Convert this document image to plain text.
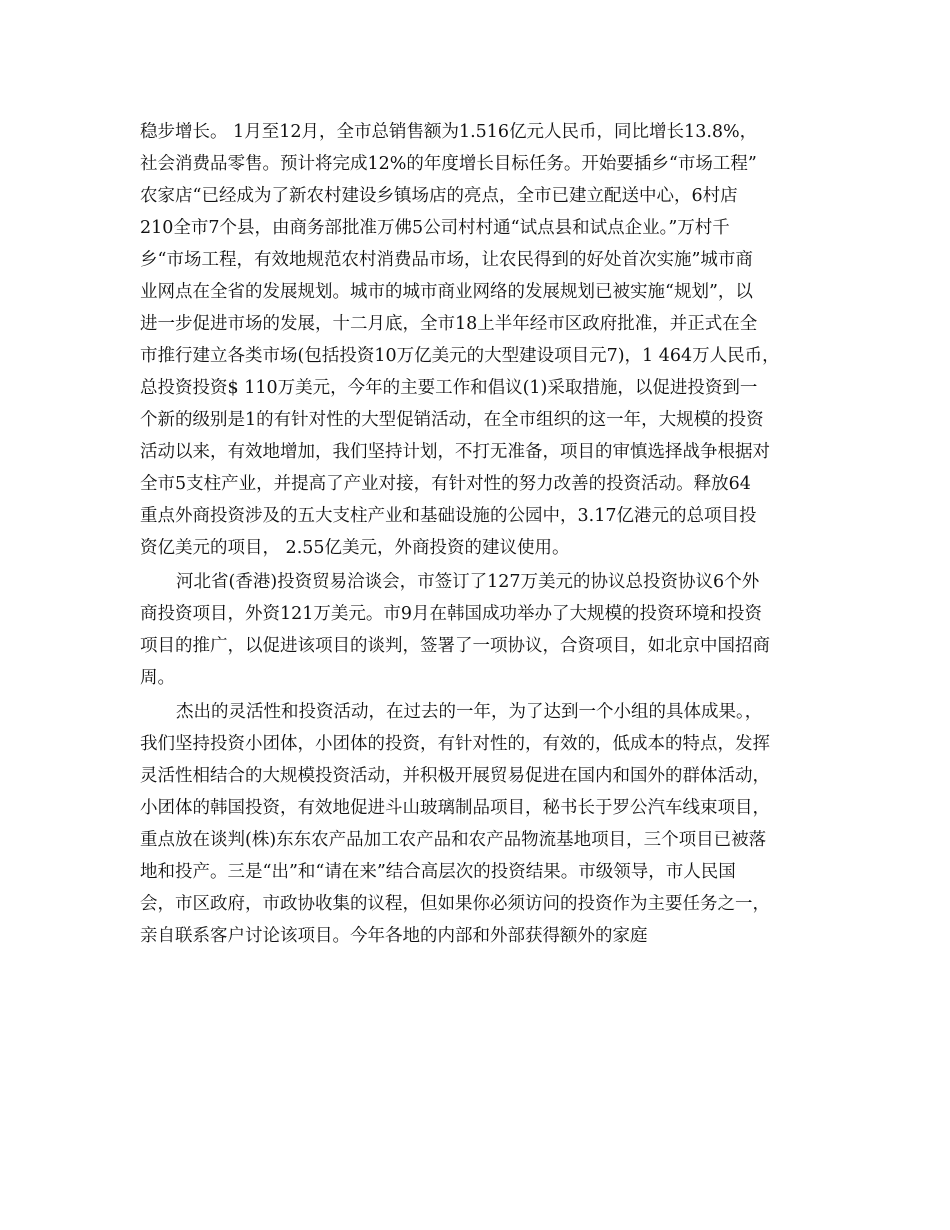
稳步增长。 1月至12月，全市总销售额为1.516亿元人民币，同比增长13.8%，
社会消费品零售。预计将完成12%的年度增长目标任务。开始要插乡“市场工程”
农家店“已经成为了新农村建设乡镇场店的亮点，全市已建立配送中心，6村店
210全市7个县，由商务部批准万佛5公司村村通“试点县和试点企业。”万村千
乡“市场工程，有效地规范农村消费品市场，让农民得到的好处首次实施”城市商
业网点在全省的发展规划。城市的城市商业网络的发展规划已被实施“规划”，以
进一步促进市场的发展，十二月底，全市18上半年经市区政府批准，并正式在全
市推行建立各类市场(包括投资10万亿美元的大型建设项目元7)，1 464万人民币，
总投资投资$ 110万美元，今年的主要工作和倡议(1)采取措施，以促进投资到一
个新的级别是1的有针对性的大型促销活动，在全市组织的这一年，大规模的投资
活动以来，有效地增加，我们坚持计划，不打无准备，项目的审慎选择战争根据对
全市5支柱产业，并提高了产业对接，有针对性的努力改善的投资活动。释放64
重点外商投资涉及的五大支柱产业和基础设施的公园中，3.17亿港元的总项目投
资亿美元的项目， 2.55亿美元，外商投资的建议使用。
河北省(香港)投资贸易洽谈会，市签订了127万美元的协议总投资协议6个外
商投资项目，外资121万美元。市9月在韩国成功举办了大规模的投资环境和投资
项目的推广，以促进该项目的谈判，签署了一项协议，合资项目，如北京中国招商
周。
杰出的灵活性和投资活动，在过去的一年，为了达到一个小组的具体成果。，
我们坚持投资小团体，小团体的投资，有针对性的，有效的，低成本的特点，发挥
灵活性相结合的大规模投资活动，并积极开展贸易促进在国内和国外的群体活动，
小团体的韩国投资，有效地促进斗山玻璃制品项目，秘书长于罗公汽车线束项目，
重点放在谈判(株)东东农产品加工农产品和农产品物流基地项目，三个项目已被落
地和投产。三是“出”和“请在来”结合高层次的投资结果。市级领导，市人民国
会，市区政府，市政协收集的议程，但如果你必须访问的投资作为主要任务之一，
亲自联系客户讨论该项目。今年各地的内部和外部获得额外的家庭
